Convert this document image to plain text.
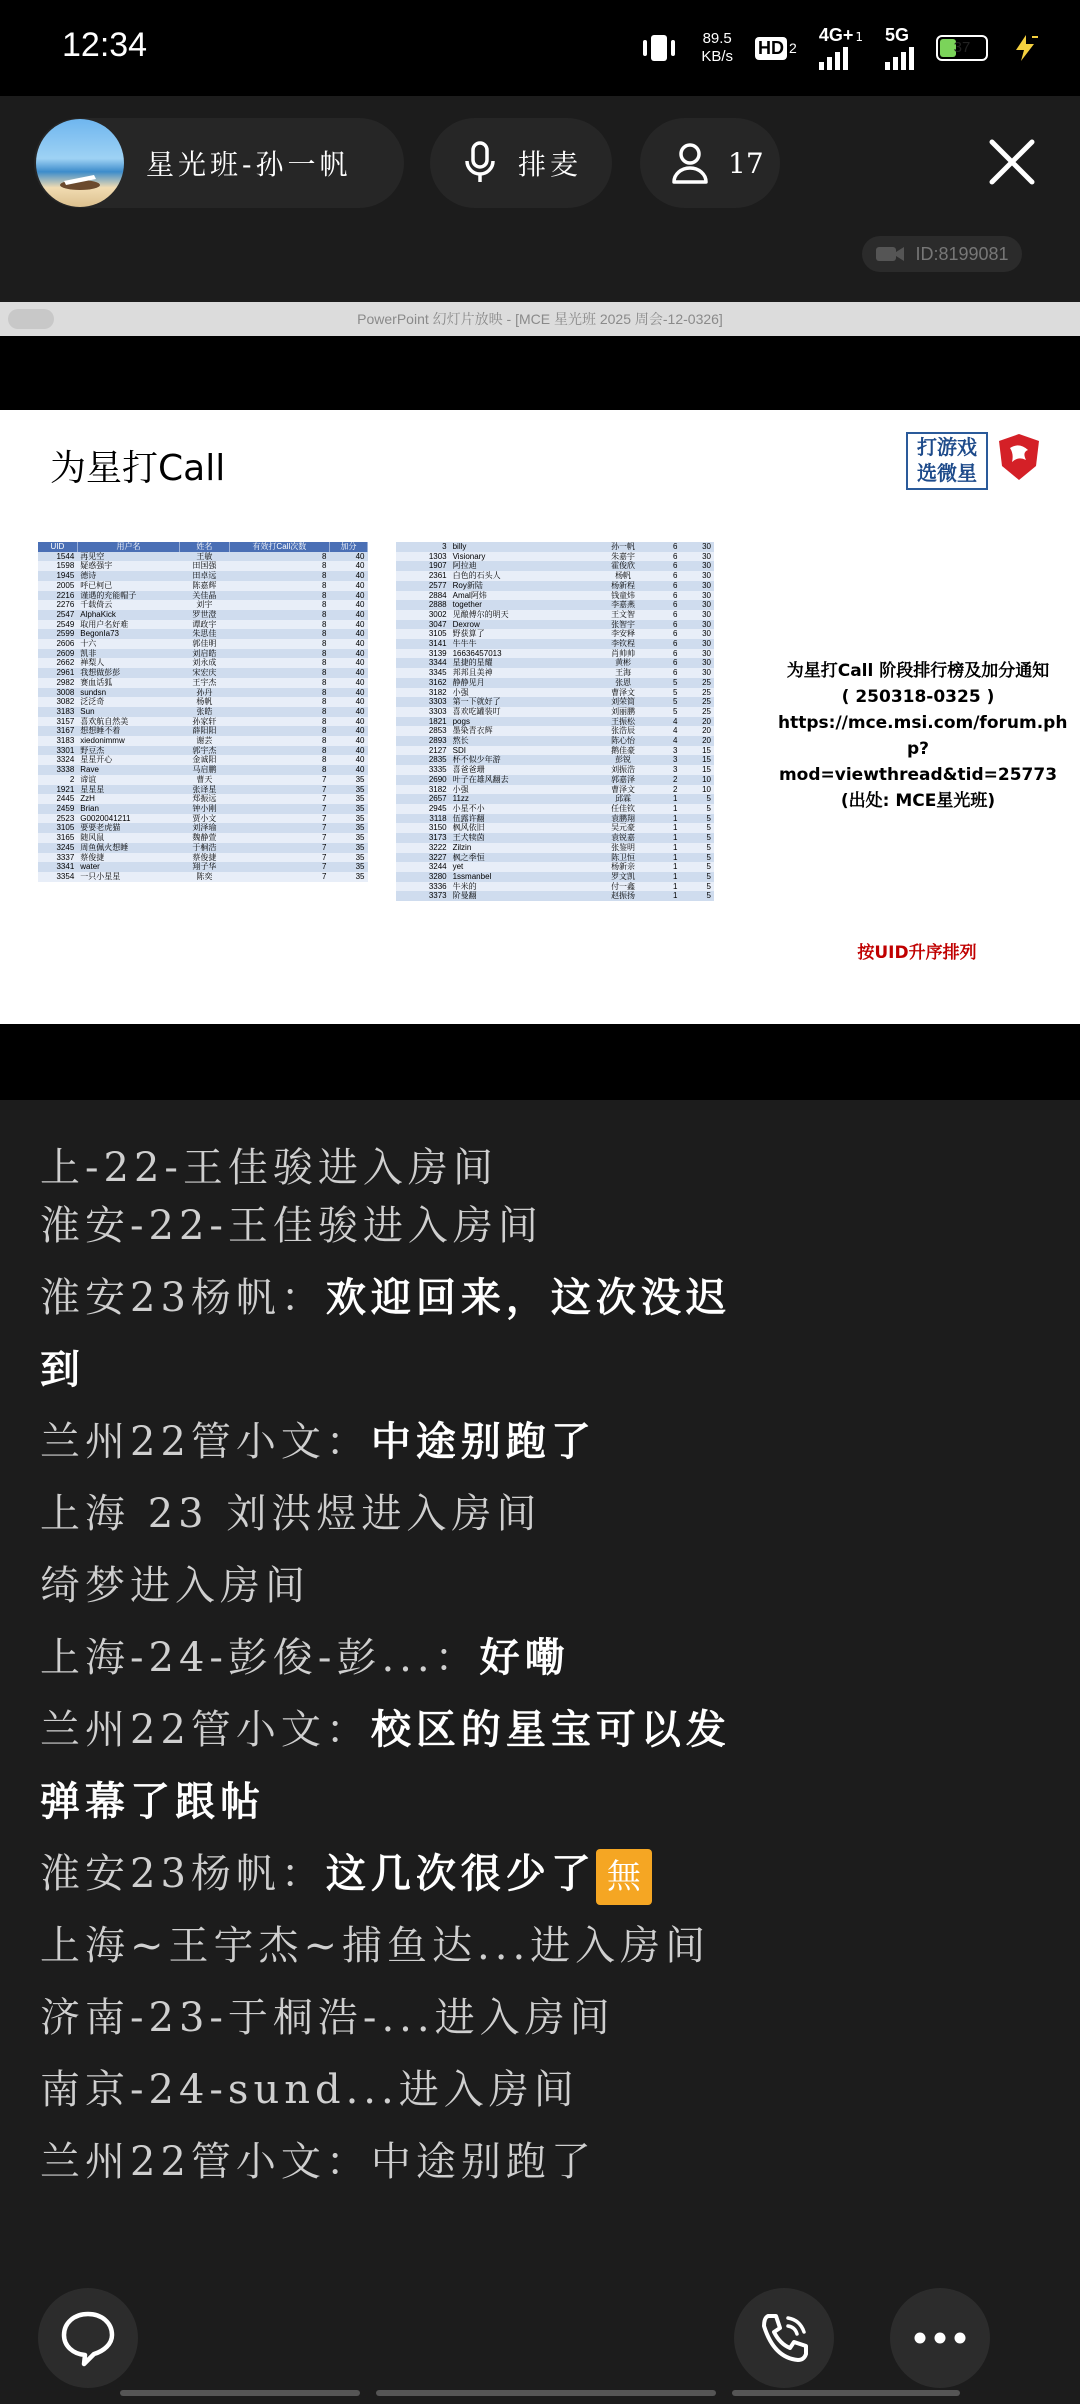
12:34	89.5
KB/s HD 2
4G+ 1 5G
37
星光班-孙一帆	排麦	17
ID:8199081
PowerPoint 幻灯片放映 - [MCE 星光班 2025 周会-12-0326]
为星打Call
打游戏
选微星
UID	用户名	姓名	有效打Call次数	加分
1544	再见空	王敏	8	40
1598	疑惑强宇	田国强	8	40
1945	德诗	田卓远	8	40
2005	呼已柯已	陈嘉辉	8	40
2216	谨遇的充能帽子	关佳晶	8	40
2276	千载倚云	刘宇	8	40
2547	AlphaKick	罗世澄	8	40
2549	取用户名好难	谭政宇	8	40
2599	BegonIa73	朱思佳	8	40
2606	十六	郭佳明	8	40
2609	凯非	刘启皓	8	40
2662	禅梨人	刘永成	8	40
2961	我想做彭彭	宋宏庆	8	40
2982	赛血话狐	王宇杰	8	40
3008	sundsn	孙丹	8	40
3082	泛泛奇	杨帆	8	40
3183	Sun	张皓	8	40
3157	喜欢航自然美	孙家轩	8	40
3167	想想睡不着	薛阳阳	8	40
3183	xiedonimmw	谢芸	8	40
3301	野豆杰	郭宇杰	8	40
3324	星星开心	金诚阳	8	40
3338	Rave	马启鹏	8	40
2	谛谊	曹天	7	35
1921	星星星	张译星	7	35
2445	ZzH	郑振远	7	35
2459	Brian	钟小刚	7	35
2523	G0020041211	贾小文	7	35
3105	要要老虎猫	刘泽瑜	7	35
3165	随风鼠	魏静萱	7	35
3245	周鱼佩火想睡	于桐浩	7	35
3337	蔡俊捷	蔡俊捷	7	35
3341	water	翔子华	7	35
3354	一只小星星	陈奕	7	35
3	billy	孙一帆	6	30
1303	Visionary	朱嘉宇	6	30
1907	阿拉迪	霍俊欣	6	30
2361	白色的石头人	杨帆	6	30
2577	Roy新陆	杨新程	6	30
2884	Amal阿炜	钱童炜	6	30
2888	together	李嘉燕	6	30
3002	见酿傅尔的明天	王文智	6	30
3047	Dexrow	张智宇	6	30
3105	野获算了	李安释	6	30
3141	牛牛牛	李钦程	6	30
3139	16636457013	肖帅帅	6	30
3344	星捷的星耀	黄彬	6	30
3345	邦邦且美神	王海	6	30
3162	静静见月	张恩	5	25
3182	小强	曹泽文	5	25
3303	第一下就好了	刘荣简	5	25
3303	喜欢吃罐装叮	刘丽鹏	5	25
1821	pogs	王振松	4	20
2853	墨染青衣辉	张浩辰	4	20
2893	熬长	陈心怡	4	20
2127	SDI	鹅佳豪	3	15
2835	杯不似少年游	彭锐	3	15
3335	喜爸爸珊	刘振浩	3	15
2690	叶子在雄风翻去	郭嘉泽	2	10
3182	小强	曹泽文	2	10
2657	11zz	邱霖	1	5
2945	小星不小	任佳钦	1	5
3118	伍露许翻	袁鹏翔	1	5
3150	枫风依旧	吴元豪	1	5
3173	王犬犊茵	袁锐嘉	1	5
3222	Zilzin	张鉴明	1	5
3227	枫之季恒	陈卫恒	1	5
3244	yet	杨新亲	1	5
3280	1ssmanbel	罗文凯	1	5
3336	牛米的	付一鑫	1	5
3373	阶曼翻	赵振扬	1	5
为星打Call 阶段排行榜及加分通知
( 250318-0325 )
https://mce.msi.com/forum.ph
p?mod=viewthread&tid=25773
(出处: MCE星光班)
按UID升序排列
上-22-王佳骏进入房间
淮安-22-王佳骏进入房间
淮安23杨帆：欢迎回来，这次没迟到
兰州22管小文：中途别跑了
上海 23 刘洪煜进入房间
绮梦进入房间
上海-24-彭俊-彭...：好嘞
兰州22管小文：校区的星宝可以发弹幕了跟帖
淮安23杨帆：这几次很少了 無
上海~王宇杰~捕鱼达...进入房间
济南-23-于桐浩-...进入房间
南京-24-sund...进入房间
兰州22管小文：中途别跑了
